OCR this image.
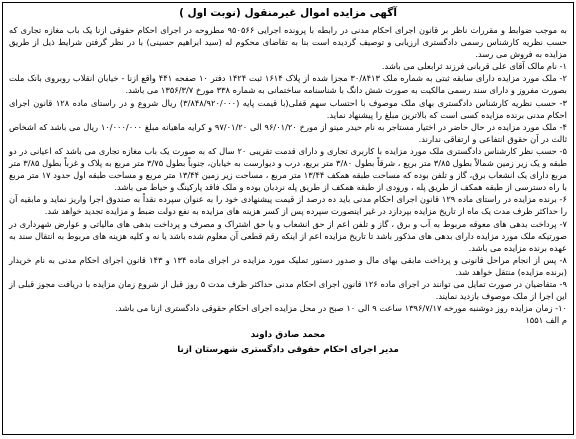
آگهی مزایده اموال غیرمنقول (نوبت اول )

به موجب ضوابط و مقررات ناظر بر قانون اجرای احکام مدنی در رابطه با پرونده اجرایی ۹۵۰۵۶۶ مطروحه در اجرای احکام حقوقی ازنا یک باب مغازه تجاری که حسب نظریه کارشناس رسمی دادگستری ارزیابی و توصیف گردیده است بنا به تقاضای محکوم له (سید ابراهیم حسینی) با در نظر گرفتن شرایط ذیل از طریق مزایده به فروش می رسد.

۱- نام مالک آقای علی قربانی فرزند ثرابعلی می باشد.

۲- ملک مورد مزایده دارای سابقه ثبتی به شماره ملک ۳۰/۸۴۱۳ مجزا شده از پلاک ۱۶۱۴ ثبت ۱۴۲۴ دفتر ۱۰ صفحه ۴۴۱ واقع ازنا - خیابان انقلاب روبروی بانک ملت بصورت مفروز و دارای سند رسمی مالکیت به صورت شش دانگ با شناسنامه ساختمانی به شماره ۳۳۸ مورخ ۱۳۵۶/۳/۷ می باشد.

۳- حسب نظریه کارشناس دادگستری بهای ملک موصوف با احتساب سهم قفلی(با قیمت پایه (۳/۸۴۸/۹۲۰/۰۰۰) ریال شروع و در راستای ماده ۱۲۸ قانون اجرای احکام مدنی برنده مزایده کسی است که بالاترین مبلغ را پیشنهاد نماید.

۴- ملک مورد مزایده در حال حاضر در اختیار مستاجر به نام حیدر مینو از مورخ ۹۶/۰۱/۲۰ الی ۹۷/۰۱/۲۰ و کرایه ماهیانه مبلغ ۱۰/۰۰۰/۰۰۰ ریال می باشد که اشخاص ثالث در آن حقوق انتفاعی و ارتفاقی ندارند.

۵- حسب نظر کارشناس دادگستری ملک مورد مزایده با کاربری تجاری و دارای قدمت تقریبی ۲۰ سال که به صورت یک باب مغازه تجاری می باشد که اعیانی در دو طبقه و یک زیر زمین شمالاً بطول ۳/۸۵ متر بریع ، شرقاً بطول ۳/۸۰ متر بریع، درب و دیوارست به خیابان، جنوباً بطول ۳/۷۵ متر مربع به پلاک و غرباً بطول ۳/۸۵ متر مربع دارای یک انشعاب برق، گاز و تلفن بوده که مساحت طبقه همکف ۱۳/۴۴ متر مربع ، مساحت زیر زمین ۱۳/۴۴ متر مربع و مساحت طبقه اول حدود ۱۷ متر مربع با راه دسترسی از طبقه همکف از طریق پله ، ورودی از طبقه همکف از طریق پله نردبان بوده و ملک فاقد پارکینگ و حیاط می باشد.

۶- برنده مزایده در راستای ماده ۱۲۹ قانون اجرای احکام مدنی باید ده درصد از قیمت پیشنهادی خود را به عنوان سپرده نقداً به صندوق اجرا واریز نماید و مابقیه آن را حداکثر ظرف مدت یک ماه از تاریخ مزایده بپردازد در غیر اینصورت سپرده پس از کسر هزینه های مزایده به نفع دولت ضبط و مزایده تجدید خواهد شد.

۷- پرداخت بدهی های معوقه مربوط به آب و برق ، گاز و تلفن اعم از حق انشعاب و یا حق اشتراک و مصرف و پرداخت بدهی های مالیاتی و عوارض شهرداری در صورتیکه ملک مورد مزایده دارای بدهی های مذکور باشد تا تاریخ مزایده اعم از اینکه رقم قطعی آن معلوم شده باشد یا نه و کلیه هزینه های مربوط به انتقال سند به عهده برنده مزایده می باشد.

۸- پس از انجام مراحل قانونی و پرداخت مابقی بهای مال و صدور دستور تملیک مورد مزایده در اجرای ماده ۱۳۴ و ۱۴۳ قانون اجرای احکام مدنی به نام خریدار (برنده مزایده) منتقل خواهد شد.

۹- متقاضیان در صورت تمایل می توانند در اجرای ماده ۱۲۶ قانون اجرای احکام مدنی حداکثر ظرف مدت ۵ روز قبل از شروع زمان مزایده با دریافت مجوز قبلی از این اجرا از ملک موصوف بازدید نمایند.

۱۰- زمان مزایده روز دوشنبه مورخه ۱۳۹۶/۷/۱۷ ساعت ۹ الی ۱۰ صبح در محل مزایده اجرای احکام حقوقی دادگستری ازنا می باشد.

م الف ۱۵۵۱

محمد صادق داوند
مدیر اجرای احکام حقوقی دادگستری شهرستان ازنا
